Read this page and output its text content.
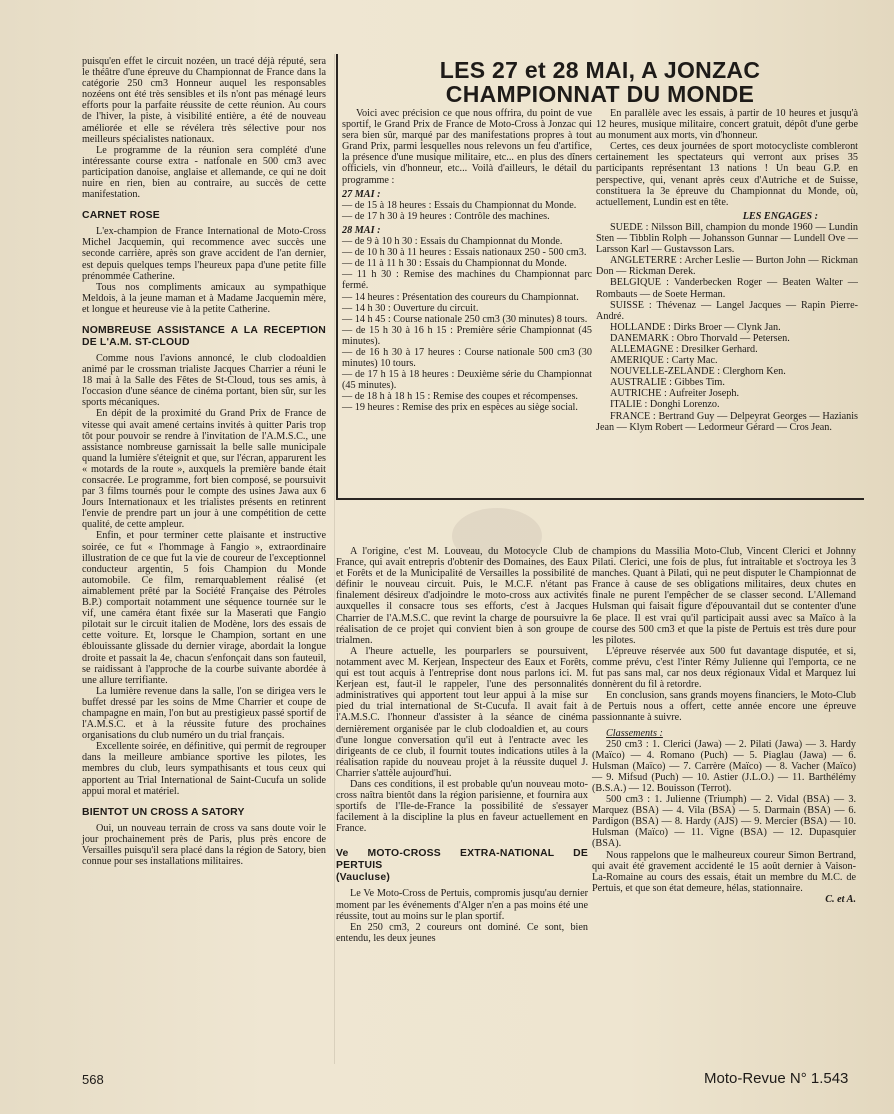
puisqu'en effet le circuit nozéen, un tracé déjà réputé, sera le théâtre d'une épreuve du Championnat de France dans la catégorie 250 cm3 Honneur auquel les responsables nozéens ont été très sensibles et ils n'ont pas ménagé leurs efforts pour la parfaite réussite de cette réunion. Au cours de l'hiver, la piste, à visibilité entière, a été de nouveau améliorée et elle se révélera très sélective pour nos meilleurs spécialistes nationaux.

Le programme de la réunion sera complété d'une intéressante course extra - natfonale en 500 cm3 avec participation danoise, anglaise et allemande, ce qui ne doit nuire en rien, bien au contraire, au succès de cette manifestation.

CARNET ROSE

L'ex-champion de France International de Moto-Cross Michel Jacquemin, qui recommence avec succès une seconde carrière, après son grave accident de l'an dernier, est depuis quelques temps l'heureux papa d'une petite fille prénommée Catherine.

Tous nos compliments amicaux au sympathique Meldois, à la jeune maman et à Madame Jacquemin mère, et longue et heureuse vie à la petite Catherine.

NOMBREUSE ASSISTANCE A LA RECEPTION DE L'A.M. ST-CLOUD

Comme nous l'avions annoncé, le club clodoaldien animé par le crossman trialiste Jacques Charrier a réuni le 18 mai à la Salle des Fêtes de St-Cloud, tous ses amis, à l'occasion d'une séance de cinéma portant, bien sûr, sur les sports mécaniques.

En dépit de la proximité du Grand Prix de France de vitesse qui avait amené certains invités à quitter Paris trop tôt pour pouvoir se rendre à l'invitation de l'A.M.S.C., une assistance nombreuse garnissait la belle salle municipale quand la lumière s'éteignit et que, sur l'écran, apparurent les « motards de la route », auxquels la première bande était consacrée. Le programme, fort bien composé, se poursuivit par 3 films tournés pour le compte des usines Jawa aux 6 Jours Internationaux et les trialistes présents en retinrent l'envie de prendre part un jour à une compétition de cette qualité, de cette ampleur.

Enfin, et pour terminer cette plaisante et instructive soirée, ce fut « l'hommage à Fangio », extraordinaire illustration de ce que fut la vie de coureur de l'exceptionnel conducteur argentin, 5 fois Champion du Monde automobile. Ce film, remarquablement réalisé (et aimablement prêté par la Société Française des Pétroles B.P.) comportait notamment une séquence tournée sur le vif, une caméra étant fixée sur la Maserati que Fangio pilotait sur le circuit italien de Modène, lors des essais de cette voiture. Et, lorsque le Champion, sortant en une éblouissante glissade du dernier virage, abordait la longue droite et passait la 4e, chacun s'enfonçait dans son fauteuil, se raidissant à l'approche de la courbe suivante abordée à une allure terrifiante.

La lumière revenue dans la salle, l'on se dirigea vers le buffet dressé par les soins de Mme Charrier et coupe de champagne en main, l'on but au prestigieux passé sportif de l'A.M.S.C. et à la réussite future des prochaines organisations du club numéro un du trial français.

Excellente soirée, en définitive, qui permit de regrouper dans la meilleure ambiance sportive les pilotes, les membres du club, leurs sympathisants et tous ceux qui apportent au Trial International de Saint-Cucufa un solide appui moral et matériel.

BIENTOT UN CROSS A SATORY

Oui, un nouveau terrain de cross va sans doute voir le jour prochainement près de Paris, plus près encore de Versailles puisqu'il sera placé dans la région de Satory, bien connue pour ses installations militaires.

LES 27 et 28 MAI, A JONZAC
CHAMPIONNAT DU MONDE

Voici avec précision ce que nous offrira, du point de vue sportif, le Grand Prix de France de Moto-Cross à Jonzac qui sera bien sûr, marqué par des manifestations propres à tout Grand Prix, parmi lesquelles nous relevons un feu d'artifice, la présence d'une musique militaire, etc... en plus des dîners officiels, vin d'honneur, etc... Voilà d'ailleurs, le détail du programme :

27 MAI :

— de 15 à 18 heures : Essais du Championnat du Monde.

— de 17 h 30 à 19 heures : Contrôle des machines.

28 MAI :

— de 9 à 10 h 30 : Essais du Championnat du Monde.

— de 10 h 30 à 11 heures : Essais nationaux 250 - 500 cm3.

— de 11 à 11 h 30 : Essais du Championnat du Monde.

— 11 h 30 : Remise des machines du Championnat parc fermé.

— 14 heures : Présentation des coureurs du Championnat.

— 14 h 30 : Ouverture du circuit.

— 14 h 45 : Course nationale 250 cm3 (30 minutes) 8 tours.

— de 15 h 30 à 16 h 15 : Première série Championnat (45 minutes).

— de 16 h 30 à 17 heures : Course nationale 500 cm3 (30 minutes) 10 tours.

— de 17 h 15 à 18 heures : Deuxième série du Championnat (45 minutes).

— de 18 h à 18 h 15 : Remise des coupes et récompenses.

— 19 heures : Remise des prix en espèces au siège social.

En parallèle avec les essais, à partir de 10 heures et jusqu'à 12 heures, musique militaire, concert gratuit, dépôt d'une gerbe au monument aux morts, vin d'honneur.

Certes, ces deux journées de sport motocycliste combleront certainement les spectateurs qui verront aux prises 35 participants représentant 13 nations ! Un beau G.P. en perspective, qui, venant après ceux d'Autriche et de Suisse, constituera la 3e épreuve du Championnat du Monde, où, actuellement, Lundin est en tête.

LES ENGAGES :

SUEDE : Nilsson Bill, champion du monde 1960 — Lundin Sten — Tibblin Rolph — Johansson Gunnar — Lundell Ove — Larsson Karl — Gustavsson Lars.

ANGLETERRE : Archer Leslie — Burton John — Rickman Don — Rickman Derek.

BELGIQUE : Vanderbecken Roger — Beaten Walter — Rombauts — de Soete Herman.

SUISSE : Thévenaz — Langel Jacques — Rapin Pierre-André.

HOLLANDE : Dirks Broer — Clynk Jan.

DANEMARK : Obro Thorvald — Petersen.

ALLEMAGNE : Dresilker Gerhard.

AMERIQUE : Carty Mac.

NOUVELLE-ZELANDE : Clerghorn Ken.

AUSTRALIE : Gibbes Tim.

AUTRICHE : Aufreiter Joseph.

ITALIE : Donghi Lorenzo.

FRANCE : Bertrand Guy — Delpeyrat Georges — Hazianis Jean — Klym Robert — Ledormeur Gérard — Cros Jean.

A l'origine, c'est M. Louveau, du Motocycle Club de France, qui avait entrepris d'obtenir des Domaines, des Eaux et Forêts et de la Municipalité de Versailles la possibilité de définir le nouveau circuit. Puis, le M.C.F. n'étant pas finalement désireux d'adjoindre le moto-cross aux activités auxquelles il consacre tous ses efforts, c'est à Jacques Charrier de l'A.M.S.C. que revint la charge de poursuivre la réalisation de ce projet qui convient bien à son groupe de trialmen.

A l'heure actuelle, les pourparlers se poursuivent, notamment avec M. Kerjean, Inspecteur des Eaux et Forêts, qui est tout acquis à l'entreprise dont nous parlons ici. M. Kerjean est, faut-il le rappeler, l'une des personnalités administratives qui apportent tout leur appui à la mise sur pied du trial international de St-Cucufa. Il avait fait à l'A.M.S.C. l'honneur d'assister à la séance de cinéma dernièrement organisée par le club clodoaldien et, au cours d'une longue conversation qu'il eut à l'entracte avec les dirigeants de ce club, il fournit toutes indications utiles à la réalisation rapide du nouveau projet à la réussite duquel J. Charrier s'attèle aujourd'hui.

Dans ces conditions, il est probable qu'un nouveau moto-cross naîtra bientôt dans la région parisienne, et fournira aux sportifs de l'Ile-de-France la possibilité de s'essayer facilement à la discipline la plus en faveur actuellement en France.

Ve MOTO-CROSS EXTRA-NATIONAL DE PERTUIS
(Vaucluse)

Le Ve Moto-Cross de Pertuis, compromis jusqu'au dernier moment par les événements d'Alger n'en a pas moins été une réussite, tout au moins sur le plan sportif.

En 250 cm3, 2 coureurs ont dominé. Ce sont, bien entendu, les deux jeunes

champions du Massilia Moto-Club, Vincent Clerici et Johnny Pilati. Clerici, une fois de plus, fut intraitable et s'octroya les 3 manches. Quant à Pilati, qui ne peut disputer le Championnat de France à cause de ses obligations militaires, deux chutes en finale ne purent l'empêcher de se classer second. L'Allemand Hulsman qui faisait figure d'épouvantail dut se contenter d'une 6e place. Il est vrai qu'il participait aussi avec sa Maïco à la course des 500 cm3 et que la piste de Pertuis est très dure pour les pilotes.

L'épreuve réservée aux 500 fut davantage disputée, et si, comme prévu, c'est l'inter Rémy Julienne qui l'emporta, ce ne fut pas sans mal, car nos deux régionaux Vidal et Marquez lui donnèrent du fil à retordre.

En conclusion, sans grands moyens financiers, le Moto-Club de Pertuis nous a offert, cette année encore une épreuve passionnante à suivre.

Classements :

250 cm3 : 1. Clerici (Jawa) — 2. Pilati (Jawa) — 3. Hardy (Maïco) — 4. Romano (Puch) — 5. Piaglau (Jawa) — 6. Hulsman (Maïco) — 7. Carrère (Maïco) — 8. Vacher (Maïco) — 9. Mifsud (Puch) — 10. Astier (J.L.O.) — 11. Barthélémy (B.S.A.) — 12. Bouisson (Terrot).

500 cm3 : 1. Julienne (Triumph) — 2. Vidal (BSA) — 3. Marquez (BSA) — 4. Vila (BSA) — 5. Darmain (BSA) — 6. Pardigon (BSA) — 8. Hardy (AJS) — 9. Mercier (BSA) — 10. Hulsman (Maïco) — 11. Vigne (BSA) — 12. Dupasquier (BSA).

Nous rappelons que le malheureux coureur Simon Bertrand, qui avait été gravement accidenté le 15 août dernier à Vaison-La-Romaine au cours des essais, était un membre du M.C. de Pertuis, et que son état demeure, hélas, stationnaire.

C. et A.

568	Moto-Revue N° 1.543
